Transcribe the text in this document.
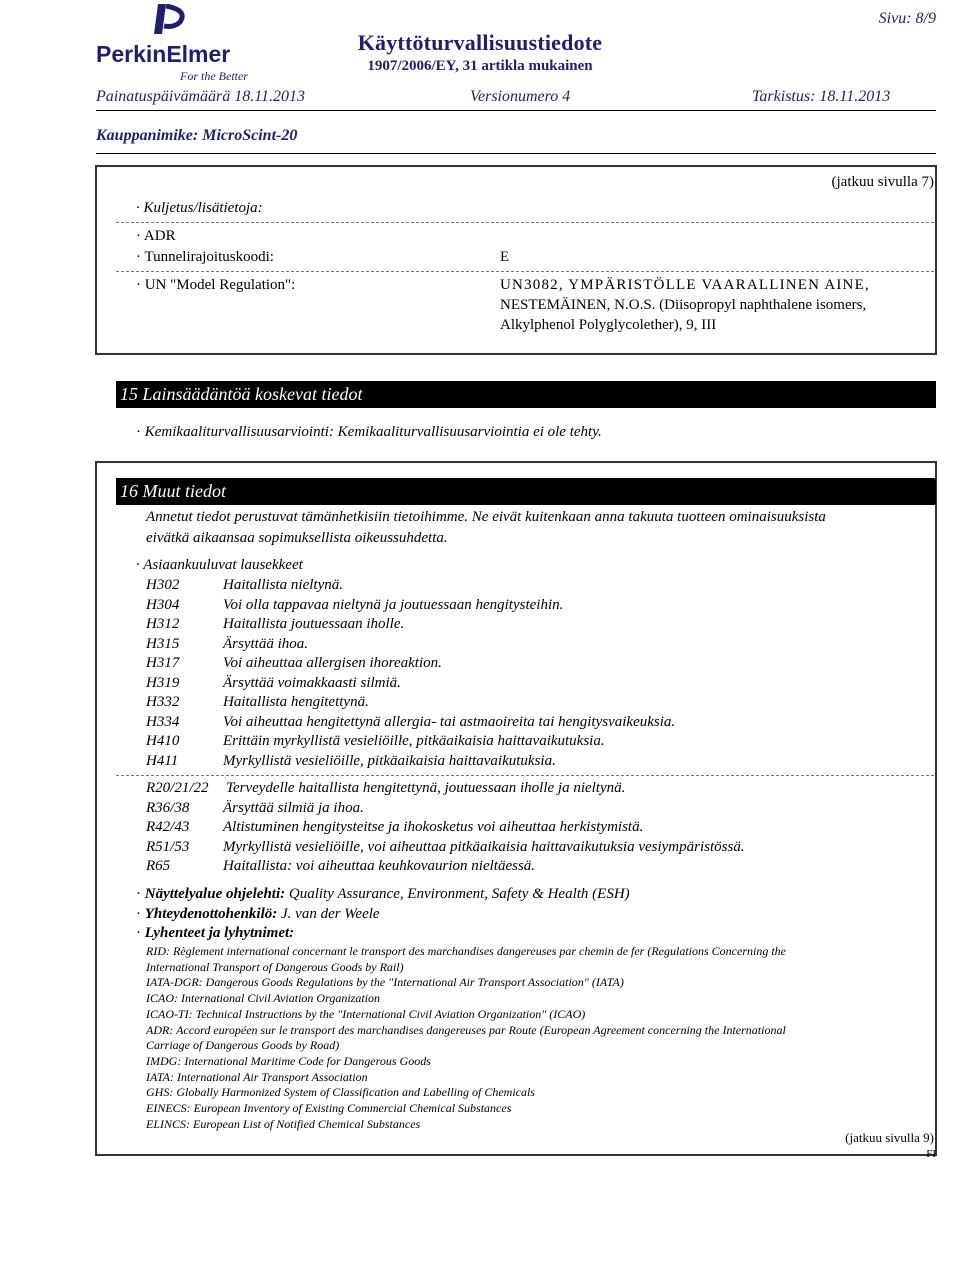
PerkinElmer
For the Better
Käyttöturvallisuustiedote
1907/2006/EY, 31 artikla mukainen
Sivu: 8/9
Painatuspäivämäärä 18.11.2013	Versionumero 4	Tarkistus: 18.11.2013
Kauppanimike: MicroScint-20
(jatkuu sivulla 7)
· Kuljetus/lisätietoja:
· ADR
· Tunnelirajoituskoodi:	E
· UN "Model Regulation":	UN3082, YMPÄRISTÖLLE VAARALLINEN AINE,
NESTEMÄINEN, N.O.S. (Diisopropyl naphthalene isomers,
Alkylphenol Polyglycolether), 9, III
15 Lainsäädäntöä koskevat tiedot
· Kemikaaliturvallisuusarviointi: Kemikaaliturvallisuusarviointia ei ole tehty.
16 Muut tiedot
Annetut tiedot perustuvat tämänhetkisiin tietoihimme. Ne eivät kuitenkaan anna takuuta tuotteen ominaisuuksista
eivätkä aikaansaa sopimuksellista oikeussuhdetta.
· Asiaankuuluvat lausekkeet
H302	Haitallista nieltynä.
H304	Voi olla tappavaa nieltynä ja joutuessaan hengitysteihin.
H312	Haitallista joutuessaan iholle.
H315	Ärsyttää ihoa.
H317	Voi aiheuttaa allergisen ihoreaktion.
H319	Ärsyttää voimakkaasti silmiä.
H332	Haitallista hengitettynä.
H334	Voi aiheuttaa hengitettynä allergia- tai astmaoireita tai hengitysvaikeuksia.
H410	Erittäin myrkyllistä vesieliöille, pitkäaikaisia haittavaikutuksia.
H411	Myrkyllistä vesieliöille, pitkäaikaisia haittavaikutuksia.
R20/21/22 Terveydelle haitallista hengitettynä, joutuessaan iholle ja nieltynä.
R36/38 Ärsyttää silmiä ja ihoa.
R42/43 Altistuminen hengitysteitse ja ihokosketus voi aiheuttaa herkistymistä.
R51/53 Myrkyllistä vesieliöille, voi aiheuttaa pitkäaikaisia haittavaikutuksia vesiympäristössä.
R65	Haitallista: voi aiheuttaa keuhkovaurion nieltäessä.
· Näyttelyalue ohjelehti: Quality Assurance, Environment, Safety & Health (ESH)
· Yhteydenottohenkilö: J. van der Weele
· Lyhenteet ja lyhytnimet:
RID: Règlement international concernant le transport des marchandises dangereuses par chemin de fer (Regulations Concerning the
International Transport of Dangerous Goods by Rail)
IATA-DGR: Dangerous Goods Regulations by the "International Air Transport Association" (IATA)
ICAO: International Civil Aviation Organization
ICAO-TI: Technical Instructions by the "International Civil Aviation Organization" (ICAO)
ADR: Accord européen sur le transport des marchandises dangereuses par Route (European Agreement concerning the International
Carriage of Dangerous Goods by Road)
IMDG: International Maritime Code for Dangerous Goods
IATA: International Air Transport Association
GHS: Globally Harmonized System of Classification and Labelling of Chemicals
EINECS: European Inventory of Existing Commercial Chemical Substances
ELINCS: European List of Notified Chemical Substances
(jatkuu sivulla 9)
FI
